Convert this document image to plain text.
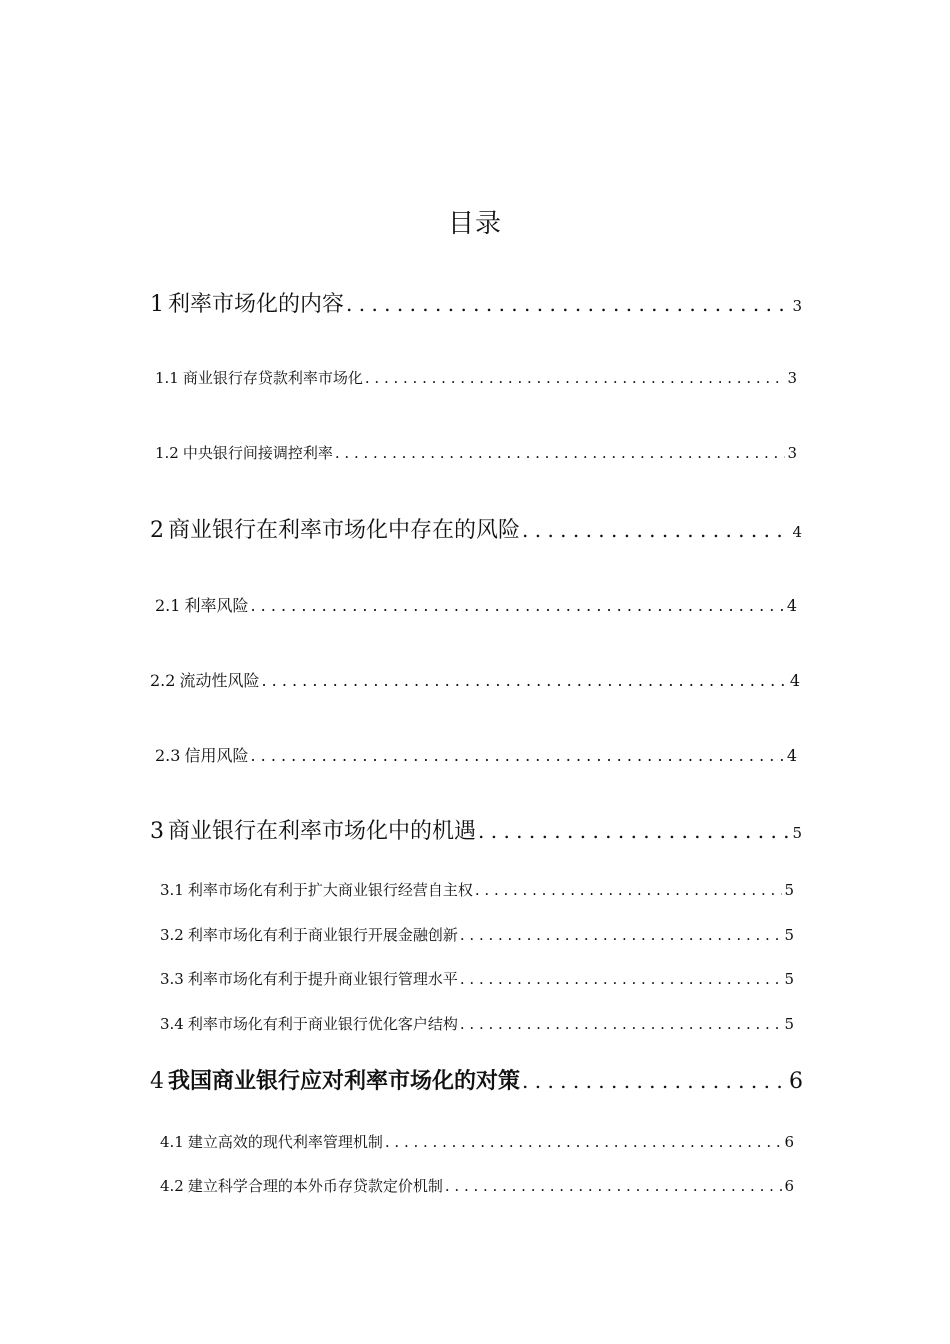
目录
1 利率市场化的内容 . . .	3
1.1 商业银行存贷款利率市场化 . . .	3
1.2 中央银行间接调控利率 . . .	3
2 商业银行在利率市场化中存在的风险 . . .	4
2.1 利率风险 . . .	4
2.2 流动性风险 . . .	4
2.3 信用风险 . . .	4
3 商业银行在利率市场化中的机遇 . . .	5
3.1 利率市场化有利于扩大商业银行经营自主权 . . .	5
3.2 利率市场化有利于商业银行开展金融创新 . . .	5
3.3 利率市场化有利于提升商业银行管理水平 . . .	5
3.4 利率市场化有利于商业银行优化客户结构 . . .	5
4 我国商业银行应对利率市场化的对策 . . .	6
4.1 建立高效的现代利率管理机制 . . .	6
4.2 建立科学合理的本外币存贷款定价机制 . . .	6
